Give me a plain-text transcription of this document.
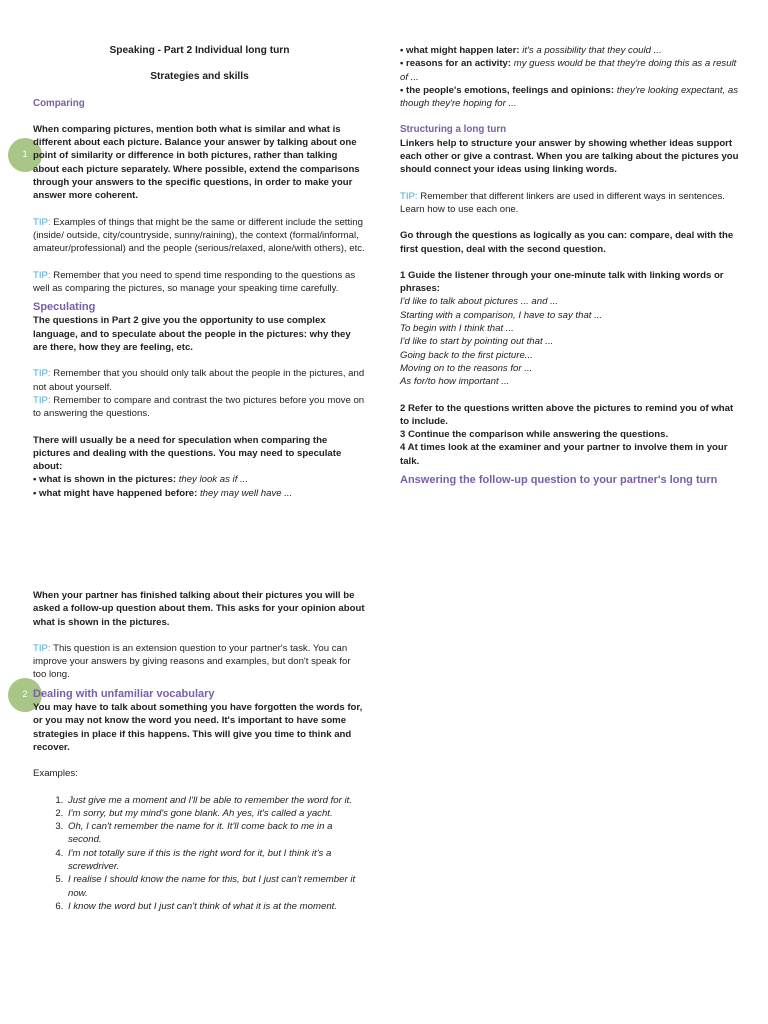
1
2

Speaking - Part 2 Individual long turn

Strategies and skills

Comparing

When comparing pictures, mention both what is similar and what is different about each picture. Balance your answer by talking about one point of similarity or difference in both pictures, rather than talking about each picture separately. Where possible, extend the comparisons through your answers to the specific questions, in order to make your answer more coherent.

TIP: Examples of things that might be the same or different include the setting (inside/ outside, city/countryside, sunny/raining), the context (formal/informal, amateur/professional) and the people (serious/relaxed, alone/with others), etc.

TIP: Remember that you need to spend time responding to the questions as well as comparing the pictures, so manage your speaking time carefully.

Speculating

The questions in Part 2 give you the opportunity to use complex language, and to speculate about the people in the pictures: why they are there, how they are feeling, etc.

TIP: Remember that you should only talk about the people in the pictures, and not about yourself.

TIP: Remember to compare and contrast the two pictures before you move on to answering the questions.

There will usually be a need for speculation when comparing the pictures and dealing with the questions. You may need to speculate about:

• what is shown in the pictures: they look as if ...

• what might have happened before: they may well have ...

• what might happen later: it's a possibility that they could ...

• reasons for an activity: my guess would be that they're doing this as a result of ...

• the people's emotions, feelings and opinions: they're looking expectant, as though they're hoping for ...

Structuring a long turn

Linkers help to structure your answer by showing whether ideas support each other or give a contrast. When you are talking about the pictures you should connect your ideas using linking words.

TIP: Remember that different linkers are used in different ways in sentences. Learn how to use each one.

Go through the questions as logically as you can: compare, deal with the first question, deal with the second question.

1 Guide the listener through your one-minute talk with linking words or phrases:

I'd like to talk about pictures ... and ...

Starting with a comparison, I have to say that ...

To begin with I think that ...

I'd like to start by pointing out that ...

Going back to the first picture...

Moving on to the reasons for ...

As for/to how important ...

2 Refer to the questions written above the pictures to remind you of what to include.

3 Continue the comparison while answering the questions.

4 At times look at the examiner and your partner to involve them in your talk.

Answering the follow-up question to your partner's long turn

When your partner has finished talking about their pictures you will be asked a follow-up question about them. This asks for your opinion about what is shown in the pictures.

TIP: This question is an extension question to your partner's task. You can improve your answers by giving reasons and examples, but don't speak for too long.

Dealing with unfamiliar vocabulary

You may have to talk about something you have forgotten the words for, or you may not know the word you need. It's important to have some strategies in place if this happens. This will give you time to think and recover.

Examples:

1. Just give me a moment and I'll be able to remember the word for it.
2. I'm sorry, but my mind's gone blank. Ah yes, it's called a yacht.
3. Oh, I can't remember the name for it. It'll come back to me in a second.
4. I'm not totally sure if this is the right word for it, but I think it's a screwdriver.
5. I realise I should know the name for this, but I just can't remember it now.
6. I know the word but I just can't think of what it is at the moment.
